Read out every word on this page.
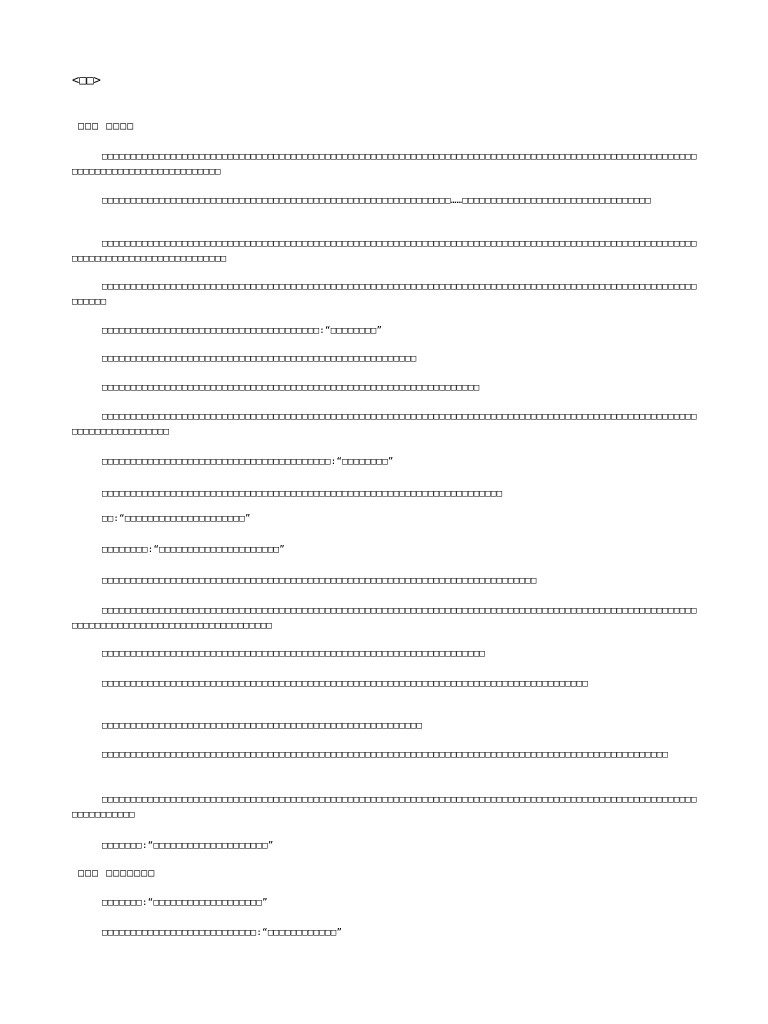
<□□>
□□□ □□□□

□□□□□□□□□□□□□□□□□□□□□□□□□□□□□□□□□□□□□□□□□□□□□□□□□□□□□□□□□□□□□□□□□□□□□□□□□□□□□□□□□□□□□□□□□□□□□□□□□□□□□□□□□□□□□□□□□□□□□□□□□□□□□□□□□□

□□□□□□□□□□□□□□□□□□□□□□□□□□□□□□□□□□□□□□□□□□□□□□□□□□□□□□□□□□□□□……□□□□□□□□□□□□□□□□□□□□□□□□□□□□□□□□□

□□□□□□□□□□□□□□□□□□□□□□□□□□□□□□□□□□□□□□□□□□□□□□□□□□□□□□□□□□□□□□□□□□□□□□□□□□□□□□□□□□□□□□□□□□□□□□□□□□□□□□□□□□□□□□□□□□□□□□□□□□□□□□□□□□□

□□□□□□□□□□□□□□□□□□□□□□□□□□□□□□□□□□□□□□□□□□□□□□□□□□□□□□□□□□□□□□□□□□□□□□□□□□□□□□□□□□□□□□□□□□□□□□□□□□□□□□□□□□□□□□

□□□□□□□□□□□□□□□□□□□□□□□□□□□□□□□□□□□□□□:“□□□□□□□□”

□□□□□□□□□□□□□□□□□□□□□□□□□□□□□□□□□□□□□□□□□□□□□□□□□□□□□□□

□□□□□□□□□□□□□□□□□□□□□□□□□□□□□□□□□□□□□□□□□□□□□□□□□□□□□□□□□□□□□□□□□□

□□□□□□□□□□□□□□□□□□□□□□□□□□□□□□□□□□□□□□□□□□□□□□□□□□□□□□□□□□□□□□□□□□□□□□□□□□□□□□□□□□□□□□□□□□□□□□□□□□□□□□□□□□□□□□□□□□□□□□□□□

□□□□□□□□□□□□□□□□□□□□□□□□□□□□□□□□□□□□□□□□:“□□□□□□□□”

□□□□□□□□□□□□□□□□□□□□□□□□□□□□□□□□□□□□□□□□□□□□□□□□□□□□□□□□□□□□□□□□□□□□□□

□□:“□□□□□□□□□□□□□□□□□□□□□”

□□□□□□□□:“□□□□□□□□□□□□□□□□□□□□□”

□□□□□□□□□□□□□□□□□□□□□□□□□□□□□□□□□□□□□□□□□□□□□□□□□□□□□□□□□□□□□□□□□□□□□□□□□□□□

□□□□□□□□□□□□□□□□□□□□□□□□□□□□□□□□□□□□□□□□□□□□□□□□□□□□□□□□□□□□□□□□□□□□□□□□□□□□□□□□□□□□□□□□□□□□□□□□□□□□□□□□□□□□□□□□□□□□□□□□□□□□□□□□□□□□□□□□□□□

□□□□□□□□□□□□□□□□□□□□□□□□□□□□□□□□□□□□□□□□□□□□□□□□□□□□□□□□□□□□□□□□□□□

□□□□□□□□□□□□□□□□□□□□□□□□□□□□□□□□□□□□□□□□□□□□□□□□□□□□□□□□□□□□□□□□□□□□□□□□□□□□□□□□□□□□□

□□□□□□□□□□□□□□□□□□□□□□□□□□□□□□□□□□□□□□□□□□□□□□□□□□□□□□□□

□□□□□□□□□□□□□□□□□□□□□□□□□□□□□□□□□□□□□□□□□□□□□□□□□□□□□□□□□□□□□□□□□□□□□□□□□□□□□□□□□□□□□□□□□□□□□□□□□□□

□□□□□□□□□□□□□□□□□□□□□□□□□□□□□□□□□□□□□□□□□□□□□□□□□□□□□□□□□□□□□□□□□□□□□□□□□□□□□□□□□□□□□□□□□□□□□□□□□□□□□□□□□□□□□□□□□□□

□□□□□□□:“□□□□□□□□□□□□□□□□□□□□”

□□□ □□□□□□□

□□□□□□□:“□□□□□□□□□□□□□□□□□□□”

□□□□□□□□□□□□□□□□□□□□□□□□□□□:“□□□□□□□□□□□□”
